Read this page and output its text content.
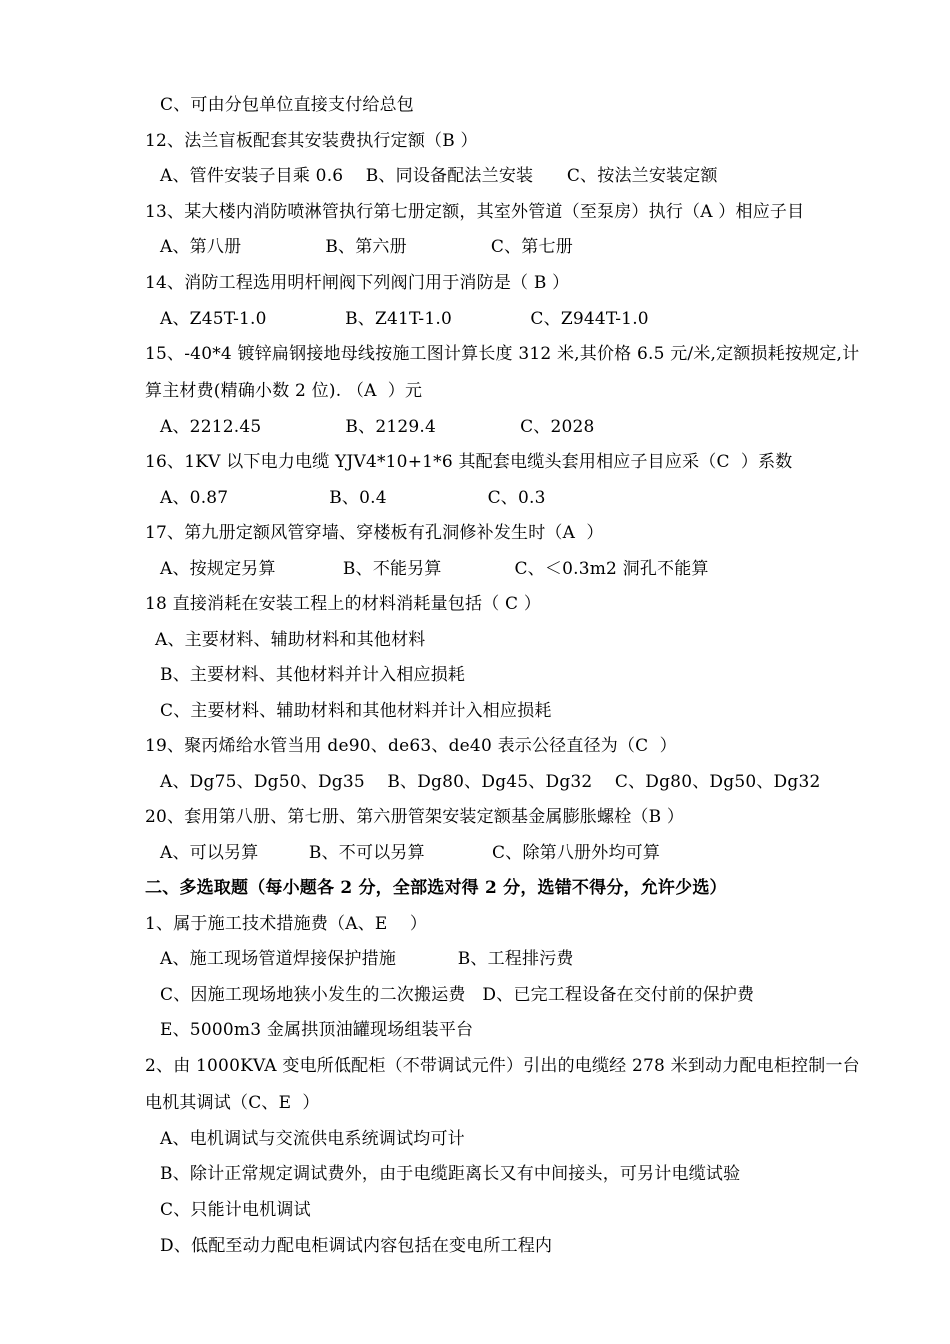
C、可由分包单位直接支付给总包
12、法兰盲板配套其安装费执行定额（B ）
A、管件安装子目乘 0.6    B、同设备配法兰安装      C、按法兰安装定额
13、某大楼内消防喷淋管执行第七册定额，其室外管道（至泵房）执行（A ）相应子目
A、第八册               B、第六册               C、第七册
14、消防工程选用明杆闸阀下列阀门用于消防是（ B ）
A、Z45T-1.0              B、Z41T-1.0              C、Z944T-1.0
15、-40*4 镀锌扁钢接地母线按施工图计算长度 312 米,其价格 6.5 元/米,定额损耗按规定,计
算主材费(精确小数 2 位). （A  ）元
A、2212.45               B、2129.4               C、2028
16、1KV 以下电力电缆 YJV4*10+1*6 其配套电缆头套用相应子目应采（C  ）系数
A、0.87                  B、0.4                  C、0.3
17、第九册定额风管穿墙、穿楼板有孔洞修补发生时（A  ）
A、按规定另算            B、不能另算             C、＜0.3m2 洞孔不能算
18 直接消耗在安装工程上的材料消耗量包括（ C ）
A、主要材料、辅助材料和其他材料
B、主要材料、其他材料并计入相应损耗
C、主要材料、辅助材料和其他材料并计入相应损耗
19、聚丙烯给水管当用 de90、de63、de40 表示公径直径为（C  ）
A、Dg75、Dg50、Dg35    B、Dg80、Dg45、Dg32    C、Dg80、Dg50、Dg32
20、套用第八册、第七册、第六册管架安装定额基金属膨胀螺栓（B ）
A、可以另算         B、不可以另算            C、除第八册外均可算
二、多选取题（每小题各 2 分，全部选对得 2 分，选错不得分，允许少选）
1、属于施工技术措施费（A、E    ）
A、施工现场管道焊接保护措施           B、工程排污费
C、因施工现场地狭小发生的二次搬运费   D、已完工程设备在交付前的保护费
E、5000m3 金属拱顶油罐现场组装平台
2、由 1000KVA 变电所低配柜（不带调试元件）引出的电缆经 278 米到动力配电柜控制一台
电机其调试（C、E  ）
A、电机调试与交流供电系统调试均可计
B、除计正常规定调试费外，由于电缆距离长又有中间接头，可另计电缆试验
C、只能计电机调试
D、低配至动力配电柜调试内容包括在变电所工程内
